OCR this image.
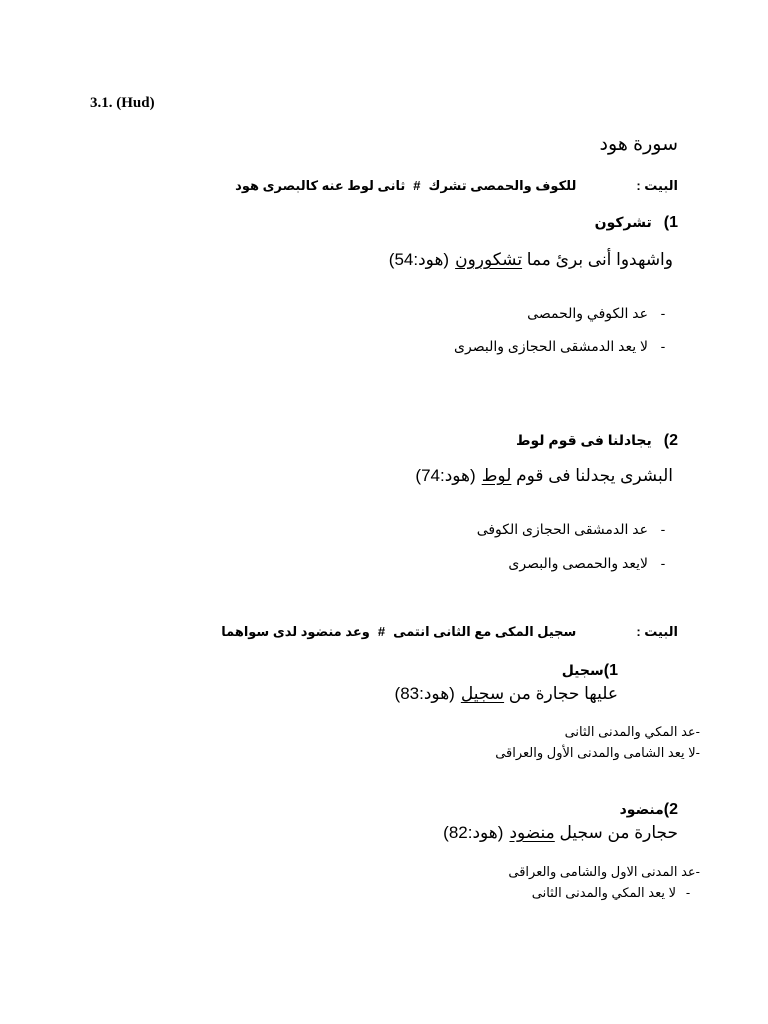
3.1. (Hud)
سورة هود
البيت :للكوف والحمصى تشرك#ثانى لوط عنه كالبصرى هود
1)تشركون
واشهدوا أنى برئ مما تشكورون(هود:54)
-عد الكوفي والحمصى
-لا يعد الدمشقى الحجازى والبصرى
2)يجادلنا فى قوم لوط
البشرى يجدلنا فى قوم لوط(هود:74)
-عد الدمشقى الحجازى الكوفى
-لايعد والحمصى والبصرى
البيت :سجيل المكى مع الثانى انتمى#وعد منضود لدى سواهما
1)سجيل
عليها حجارة من سجيل(هود:83)
-عد المكي والمدنى الثانى
-لا يعد الشامى والمدنى الأول والعراقى
2)منضود
حجارة من سجيل منضود(هود:82)
-عد المدنى الاول والشامى والعراقى
-لا يعد المكي والمدنى الثانى
